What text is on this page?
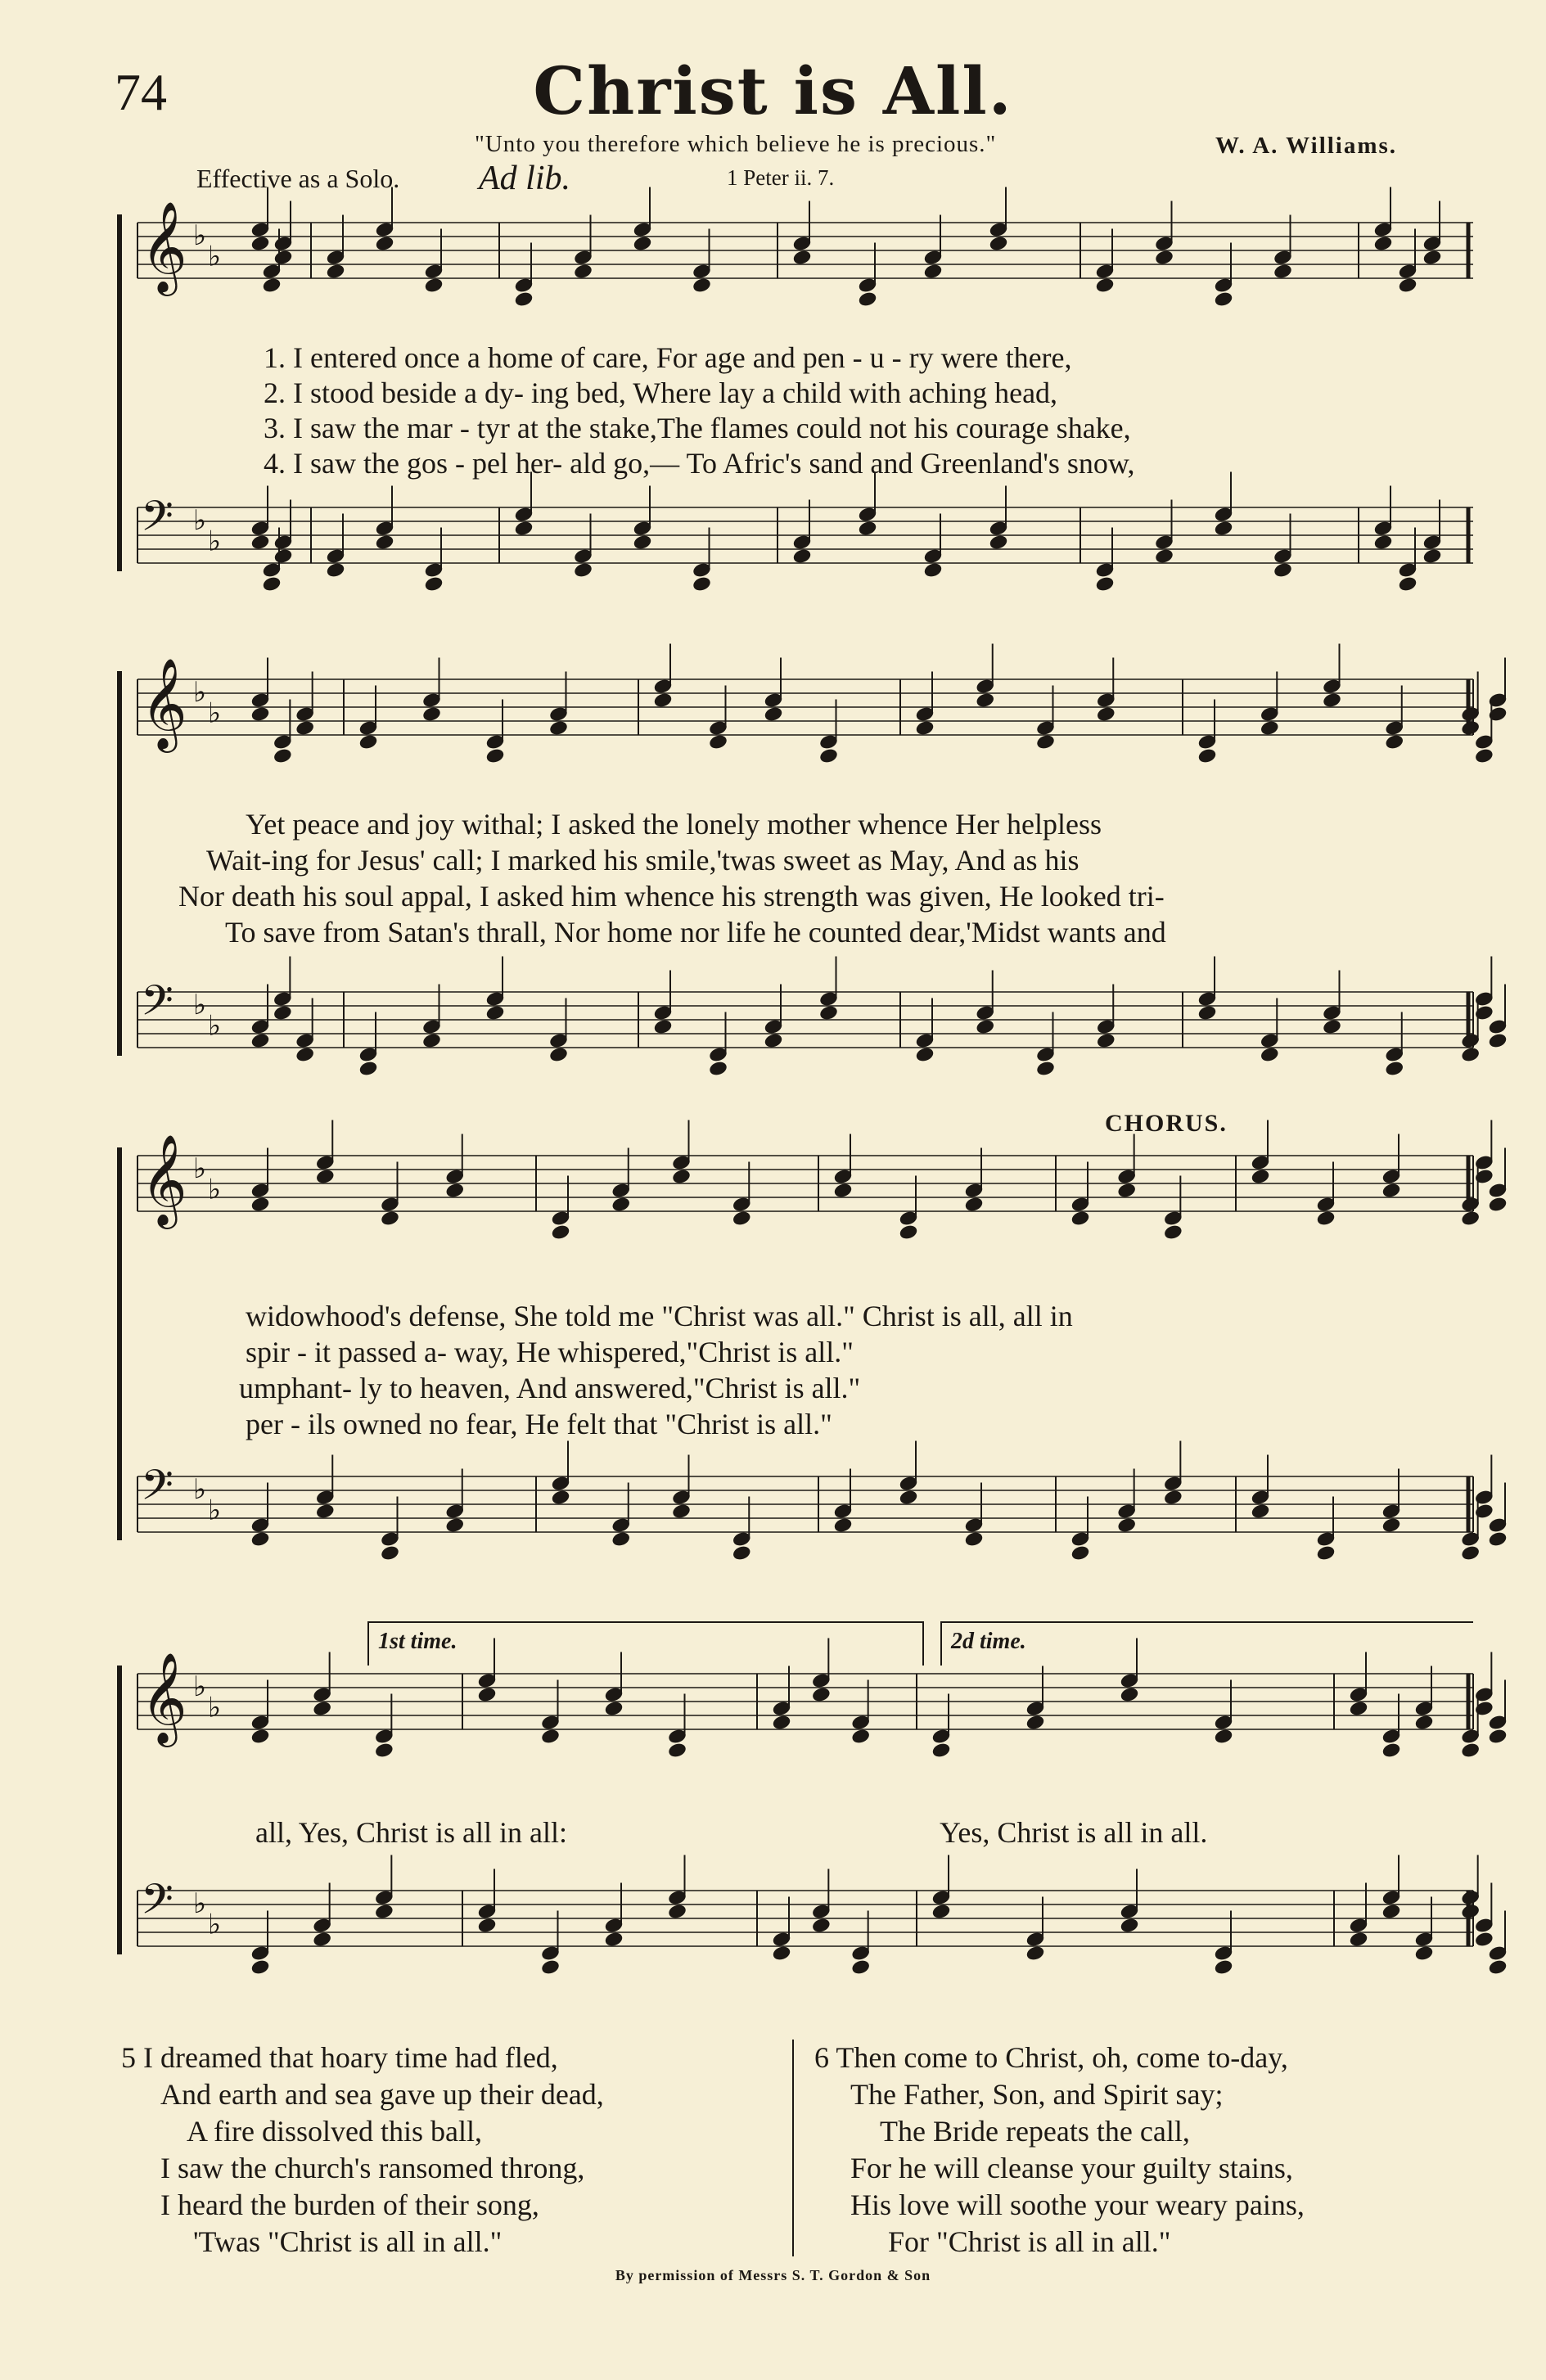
74	Christ is All.
"Unto you therefore which believe he is precious."	W. A. Williams.
Effective as a Solo. Ad lib.	1 Peter ii. 7.
𝄞 ♭
♭
𝄢 ♭
♭
𝄞 ♭
♭
𝄢 ♭
♭
𝄞 ♭
♭
𝄢 ♭
♭
𝄞 ♭
♭
𝄢 ♭
♭
1. I entered once a home of care, For age and pen - u - ry were there,
2. I stood beside a dy- ing bed, Where lay a child with aching head,
3. I saw the mar - tyr at the stake,The flames could not his courage shake,
4. I saw the gos - pel her- ald go,— To Afric's sand and Greenland's snow,
Yet peace and joy withal; I asked the lonely mother whence Her helpless
Wait-ing for Jesus' call; I marked his smile,'twas sweet as May, And as his
Nor death his soul appal, I asked him whence his strength was given, He looked tri-
To save from Satan's thrall, Nor home nor life he counted dear,'Midst wants and
CHORUS.
widowhood's defense, She told me "Christ was all." Christ is all, all in
spir - it passed a- way, He whispered,"Christ is all."
umphant- ly to heaven, And answered,"Christ is all."
per - ils owned no fear, He felt that "Christ is all."
1st time.	2d time.
all, Yes, Christ is all in all:	Yes, Christ is all in all.
5 I dreamed that hoary time had fled,
And earth and sea gave up their dead,
A fire dissolved this ball,
I saw the church's ransomed throng,
I heard the burden of their song,
'Twas "Christ is all in all."
6 Then come to Christ, oh, come to-day,
The Father, Son, and Spirit say;
The Bride repeats the call,
For he will cleanse your guilty stains,
His love will soothe your weary pains,
For "Christ is all in all."
By permission of Messrs S. T. Gordon & Son
